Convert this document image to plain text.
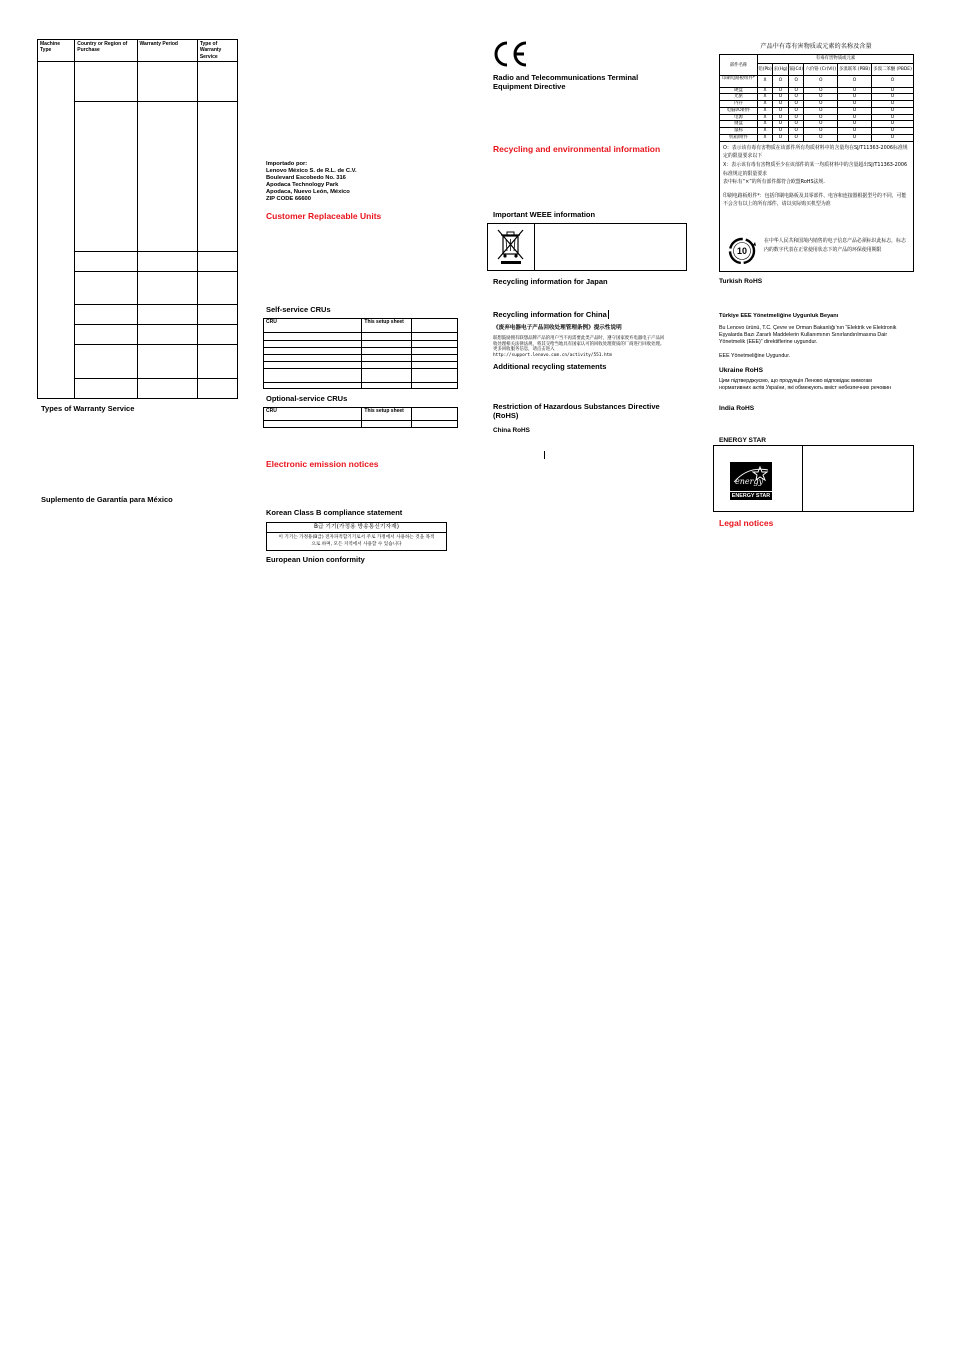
Machine Type	Country or Region of Purchase	Warranty Period	Type of Warranty Service

Types of Warranty Service
Suplemento de Garantía para México
Importado por:
Lenovo México S. de R.L. de C.V.
Boulevard Escobedo No. 316
Apodaca Technology Park
Apodaca, Nuevo León, México
ZIP CODE 66600
Customer Replaceable Units
Self-service CRUs
CRU	This setup sheet	

Optional-service CRUs
CRU	This setup sheet	

Electronic emission notices
Korean Class B compliance statement
B급 기기(가정용 방송통신기자재)
이 기기는 가정용(B급) 전자파적합기기로서 주로 가정에서 사용하는 것을 목적으로 하며, 모든 지역에서 사용할 수 있습니다
European Union conformity
Radio and Telecommunications Terminal Equipment Directive
Recycling and environmental information
Important WEEE information
Recycling information for Japan
Recycling information for China
《废弃电器电子产品回收处理管理条例》提示性说明
联想鼓励拥有联想品牌产品的用户当不再需要此类产品时，遵守国家废弃电器电子产品回收处理相关法律法规，将其交给当地具有国家认可的回收处理资质的厂商进行回收处理。更多回收服务信息，请点击进入
http://support.lenovo.com.cn/activity/551.htm
Additional recycling statements
Restriction of Hazardous Substances Directive (RoHS)
China RoHS
产品中有毒有害物质或元素的名称及含量
部件名称	有毒有害物质或元素					
	铅(Pb)	汞(Hg)	镉(Cd)	六价铬 (Cr(VI))	多溴联苯 (PBB)	多溴二苯醚 (PBDE)
印刷电路板组件*	X	O	O	O	O	O
硬盘	X	O	O	O	O	O
光驱	X	O	O	O	O	O
内存	X	O	O	O	O	O
电脑I/O附件	X	O	O	O	O	O
电源	X	O	O	O	O	O
键盘	X	O	O	O	O	O
鼠标	X	O	O	O	O	O
机箱/附件	X	O	O	O	O	O
O：表示该有毒有害物质在该部件所有均质材料中的含量均在SJ/T11363-2006标准规定的限量要求以下
X：表示该有毒有害物质至少在该部件的某一均质材料中的含量超出SJ/T11363-2006标准规定的限量要求
表中标有“×”的所有部件都符合欧盟RoHS法规.
印刷电路板组件*：包括印刷电路板及其零部件、电容和连接器根据型号的不同，可能不会含有以上的所有部件，请以实际购买机型为准
10
在中华人民共和国境内销售的电子信息产品必须标识此标志，标志内的数字代表在正常使用状态下的产品的环保使用期限
Turkish RoHS
Türkiye EEE Yönetmeliğine Uygunluk Beyanı
Bu Lenovo ürünü, T.C. Çevre ve Orman Bakanlığı’nın “Elektrik ve Elektronik Eşyalarda Bazı Zararlı Maddelerin Kullanımının Sınırlandırılmasına Dair Yönetmelik (EEE)” direktiflerine uygundur.
EEE Yönetmeliğine Uygundur.
Ukraine RoHS
Цим підтверджуємо, що продукція Леново відповідає вимогам нормативних актів України, які обмежують вміст небезпечних речовин
India RoHS
ENERGY STAR
energy
ENERGY STAR
Legal notices
